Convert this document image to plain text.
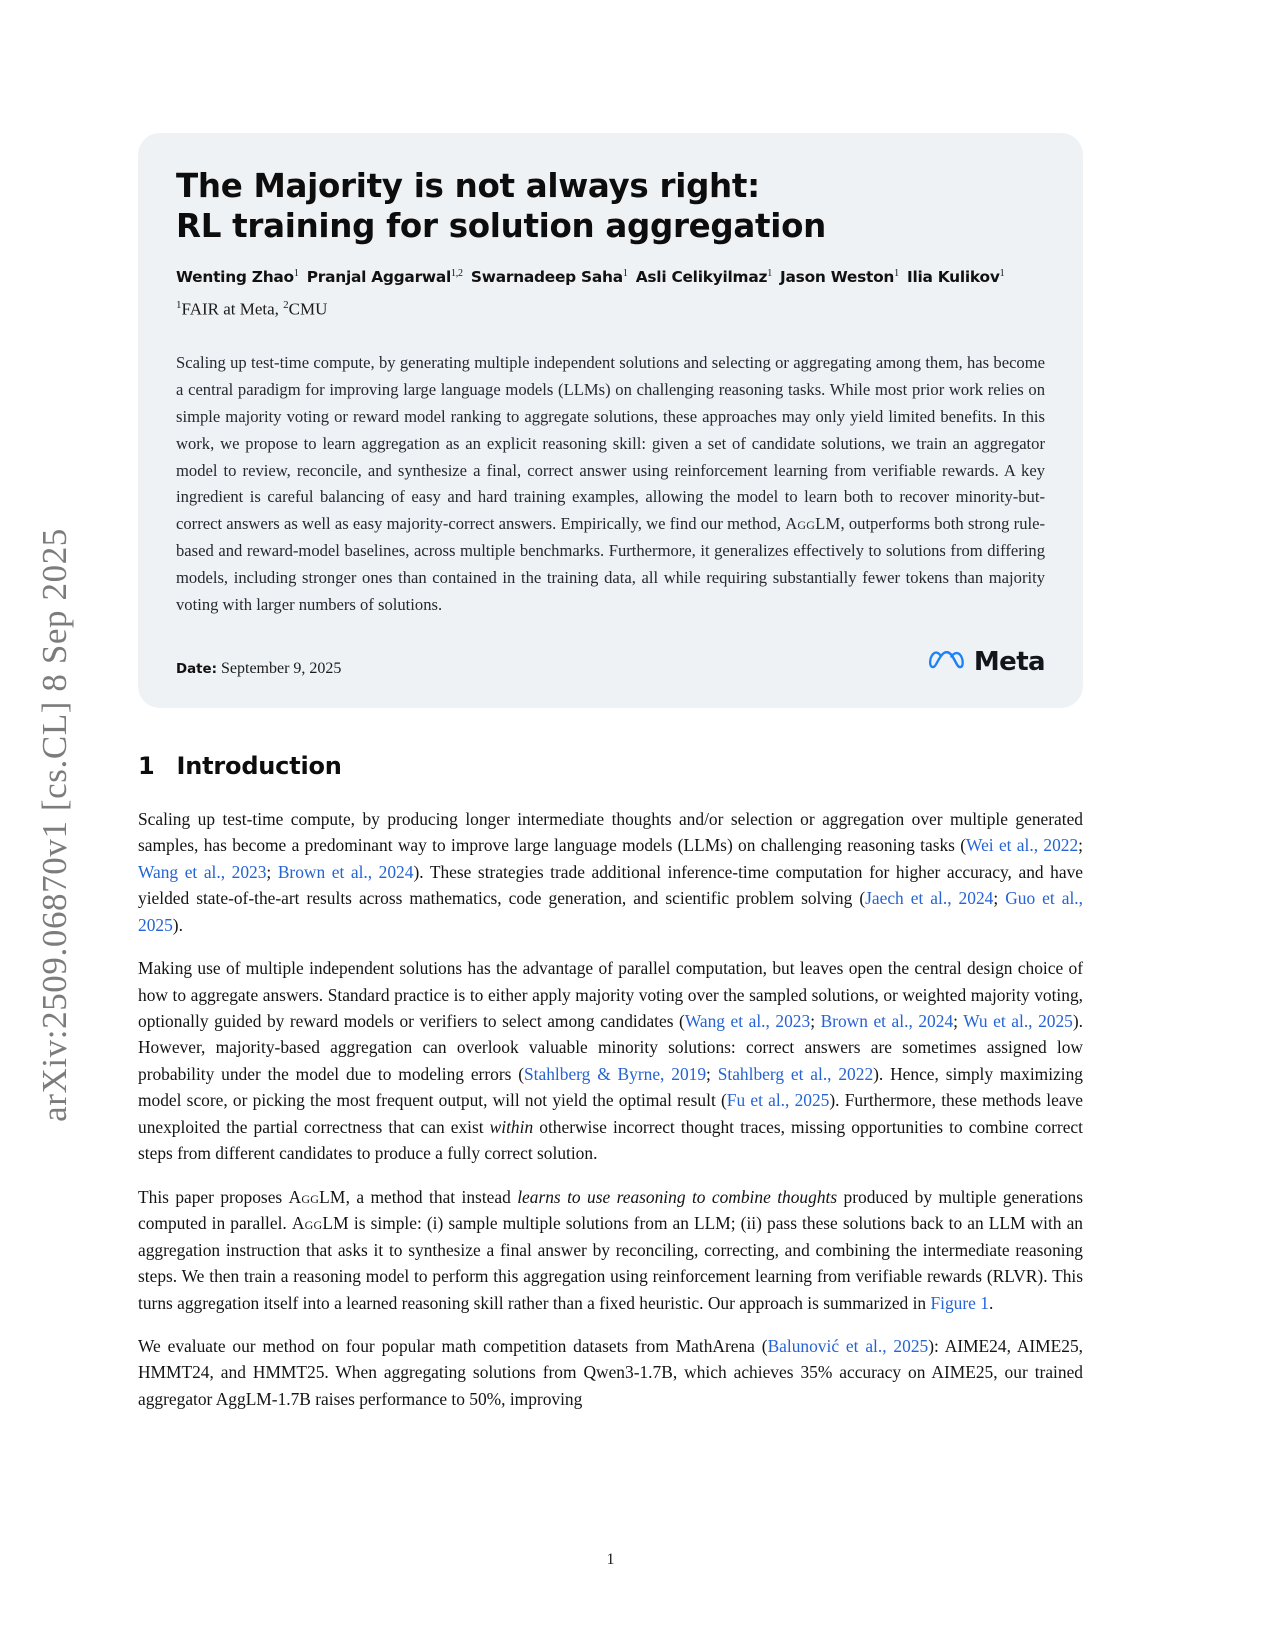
arXiv:2509.06870v1 [cs.CL] 8 Sep 2025
The Majority is not always right:
RL training for solution aggregation
Wenting Zhao$^1$ Pranjal Aggarwal$^{1,2}$ Swarnadeep Saha$^1$ Asli Celikyilmaz$^1$ Jason Weston$^1$ Ilia Kulikov$^1$
$^1$FAIR at Meta, $^2$CMU

Scaling up test-time compute, by generating multiple independent solutions and selecting or aggregating among them, has become a central paradigm for improving large language models (LLMs) on challenging reasoning tasks. While most prior work relies on simple majority voting or reward model ranking to aggregate solutions, these approaches may only yield limited benefits. In this work, we propose to learn aggregation as an explicit reasoning skill: given a set of candidate solutions, we train an aggregator model to review, reconcile, and synthesize a final, correct answer using reinforcement learning from verifiable rewards. A key ingredient is careful balancing of easy and hard training examples, allowing the model to learn both to recover minority-but-correct answers as well as easy majority-correct answers. Empirically, we find our method, AggLM, outperforms both strong rule-based and reward-model baselines, across multiple benchmarks. Furthermore, it generalizes effectively to solutions from differing models, including stronger ones than contained in the training data, all while requiring substantially fewer tokens than majority voting with larger numbers of solutions.

Date: September 9, 2025	Meta
1 Introduction

Scaling up test-time compute, by producing longer intermediate thoughts and/or selection or aggregation over multiple generated samples, has become a predominant way to improve large language models (LLMs) on challenging reasoning tasks (Wei et al., 2022; Wang et al., 2023; Brown et al., 2024). These strategies trade additional inference-time computation for higher accuracy, and have yielded state-of-the-art results across mathematics, code generation, and scientific problem solving (Jaech et al., 2024; Guo et al., 2025).

Making use of multiple independent solutions has the advantage of parallel computation, but leaves open the central design choice of how to aggregate answers. Standard practice is to either apply majority voting over the sampled solutions, or weighted majority voting, optionally guided by reward models or verifiers to select among candidates (Wang et al., 2023; Brown et al., 2024; Wu et al., 2025). However, majority-based aggregation can overlook valuable minority solutions: correct answers are sometimes assigned low probability under the model due to modeling errors (Stahlberg & Byrne, 2019; Stahlberg et al., 2022). Hence, simply maximizing model score, or picking the most frequent output, will not yield the optimal result (Fu et al., 2025). Furthermore, these methods leave unexploited the partial correctness that can exist within otherwise incorrect thought traces, missing opportunities to combine correct steps from different candidates to produce a fully correct solution.

This paper proposes AggLM, a method that instead learns to use reasoning to combine thoughts produced by multiple generations computed in parallel. AggLM is simple: (i) sample multiple solutions from an LLM; (ii) pass these solutions back to an LLM with an aggregation instruction that asks it to synthesize a final answer by reconciling, correcting, and combining the intermediate reasoning steps. We then train a reasoning model to perform this aggregation using reinforcement learning from verifiable rewards (RLVR). This turns aggregation itself into a learned reasoning skill rather than a fixed heuristic. Our approach is summarized in Figure 1.

We evaluate our method on four popular math competition datasets from MathArena (Balunović et al., 2025): AIME24, AIME25, HMMT24, and HMMT25. When aggregating solutions from Qwen3-1.7B, which achieves 35% accuracy on AIME25, our trained aggregator AggLM-1.7B raises performance to 50%, improving

1
